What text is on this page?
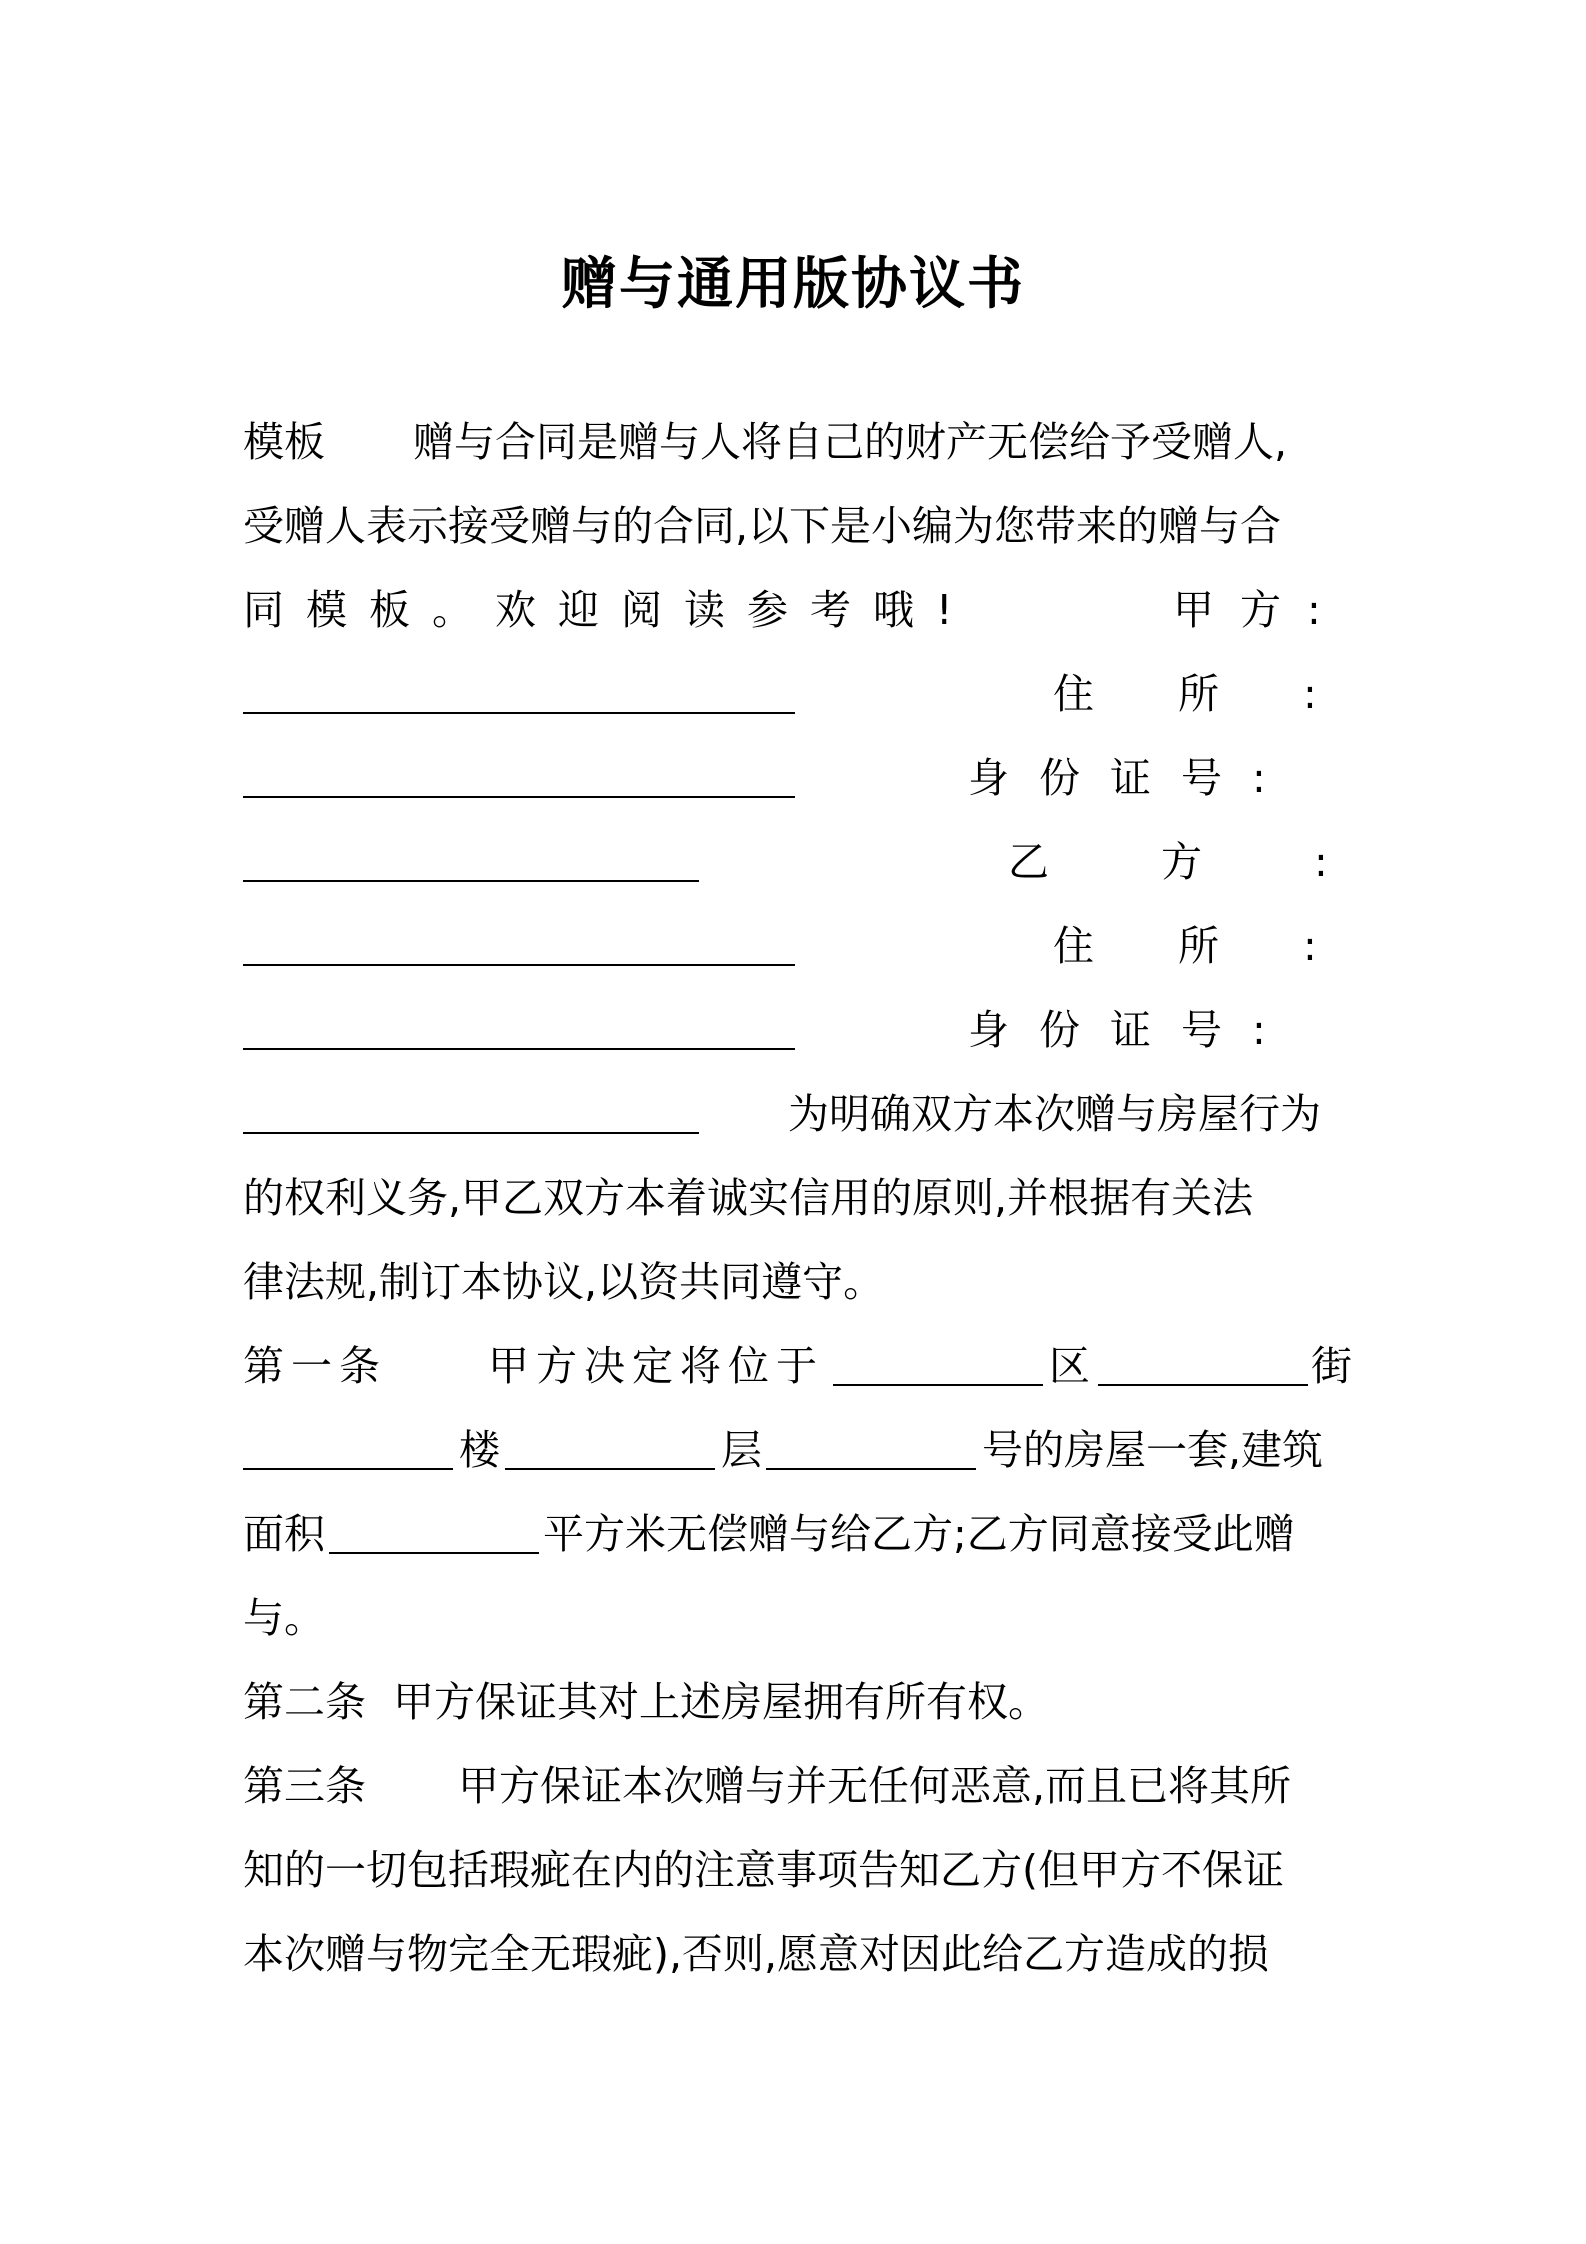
赠与通用版协议书
模板 赠与合同是赠与人将自己的财产无偿给予受赠人,
受赠人表示接受赠与的合同,以下是小编为您带来的赠与合
同模板。欢迎阅读参考哦!	甲方:
住所:
身份证号:
乙方:
住所:
身份证号:
为明确双方本次赠与房屋行为
的权利义务,甲乙双方本着诚实信用的原则,并根据有关法
律法规,制订本协议,以资共同遵守。
第一条 甲方决定将位于	区	街
楼	层	号的房屋一套,建筑
面积	平方米无偿赠与给乙方;乙方同意接受此赠
与。
第二条 甲方保证其对上述房屋拥有所有权。
第三条 甲方保证本次赠与并无任何恶意,而且已将其所
知的一切包括瑕疵在内的注意事项告知乙方(但甲方不保证
本次赠与物完全无瑕疵),否则,愿意对因此给乙方造成的损
